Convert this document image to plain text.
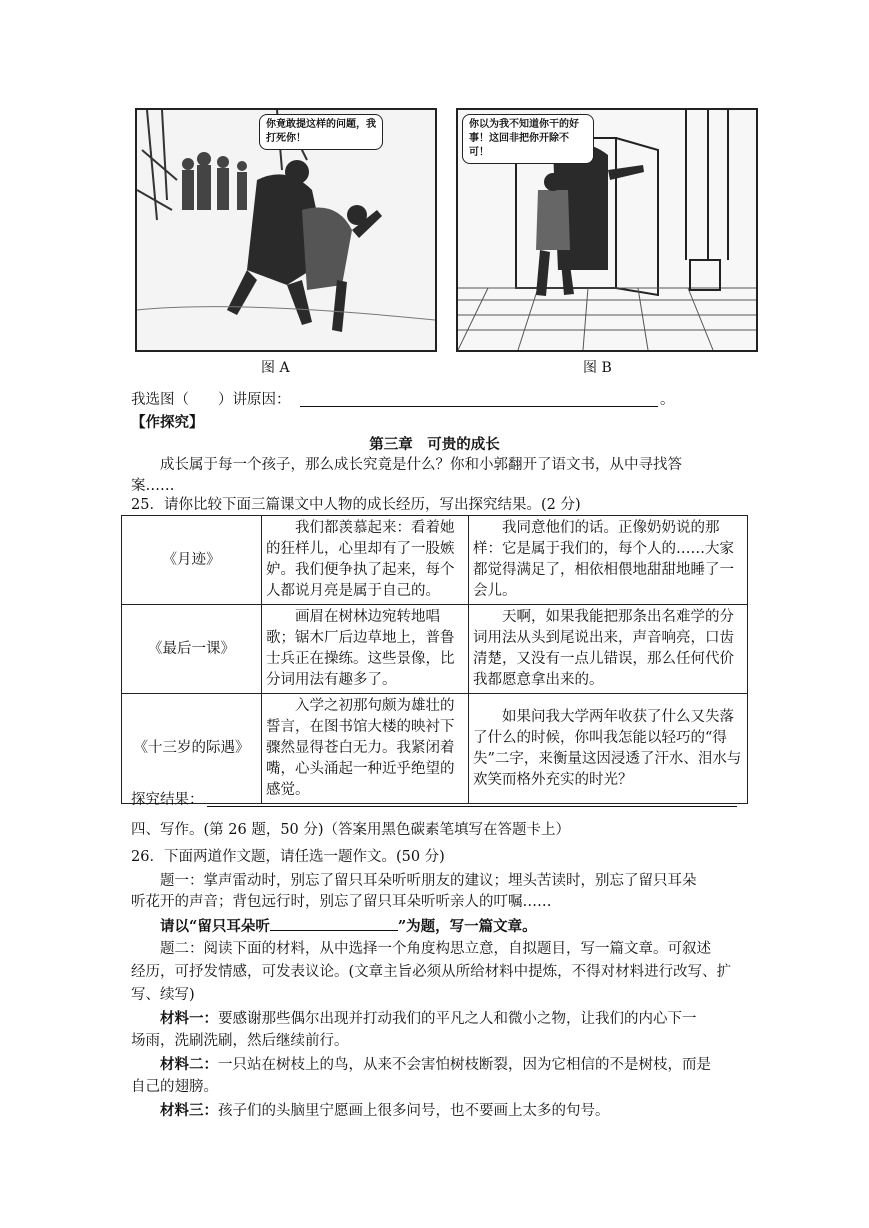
你竟敢提这样的问题，我打死你！
图 A
你以为我不知道你干的好事！这回非把你开除不可！
图 B
我选图（　　）讲原因：	。
【作探究】
第三章　可贵的成长
成长属于每一个孩子，那么成长究竟是什么？你和小郭翻开了语文书，从中寻找答
案……
25．请你比较下面三篇课文中人物的成长经历，写出探究结果。(2 分)
《月迹》	我们都羡慕起来：看着她的狂样儿，心里却有了一股嫉妒。我们便争执了起来，每个人都说月亮是属于自己的。	我同意他们的话。正像奶奶说的那样：它是属于我们的，每个人的……大家都觉得满足了，相依相偎地甜甜地睡了一会儿。
《最后一课》	画眉在树林边宛转地唱歌；锯木厂后边草地上，普鲁士兵正在操练。这些景像，比分词用法有趣多了。	天啊，如果我能把那条出名难学的分词用法从头到尾说出来，声音响亮，口齿清楚，又没有一点儿错误，那么任何代价我都愿意拿出来的。
《十三岁的际遇》	入学之初那句颇为雄壮的誓言，在图书馆大楼的映衬下骤然显得苍白无力。我紧闭着嘴，心头涌起一种近乎绝望的感觉。	如果问我大学两年收获了什么又失落了什么的时候，你叫我怎能以轻巧的“得失”二字，来衡量这因浸透了汗水、泪水与欢笑而格外充实的时光？
探究结果：
四、写作。(第 26 题，50 分)（答案用黑色碳素笔填写在答题卡上）
26．下面两道作文题，请任选一题作文。(50 分)
题一：掌声雷动时，别忘了留只耳朵听听朋友的建议；埋头苦读时，别忘了留只耳朵
听花开的声音；背包远行时，别忘了留只耳朵听听亲人的叮嘱……
请以“留只耳朵听	”为题，写一篇文章。
题二：阅读下面的材料，从中选择一个角度构思立意，自拟题目，写一篇文章。可叙述
经历，可抒发情感，可发表议论。(文章主旨必须从所给材料中提炼，不得对材料进行改写、扩
写、续写)
材料一：要感谢那些偶尔出现并打动我们的平凡之人和微小之物，让我们的内心下一
场雨，洗刷洗刷，然后继续前行。
材料二：一只站在树枝上的鸟，从来不会害怕树枝断裂，因为它相信的不是树枝，而是
自己的翅膀。
材料三：孩子们的头脑里宁愿画上很多问号，也不要画上太多的句号。
